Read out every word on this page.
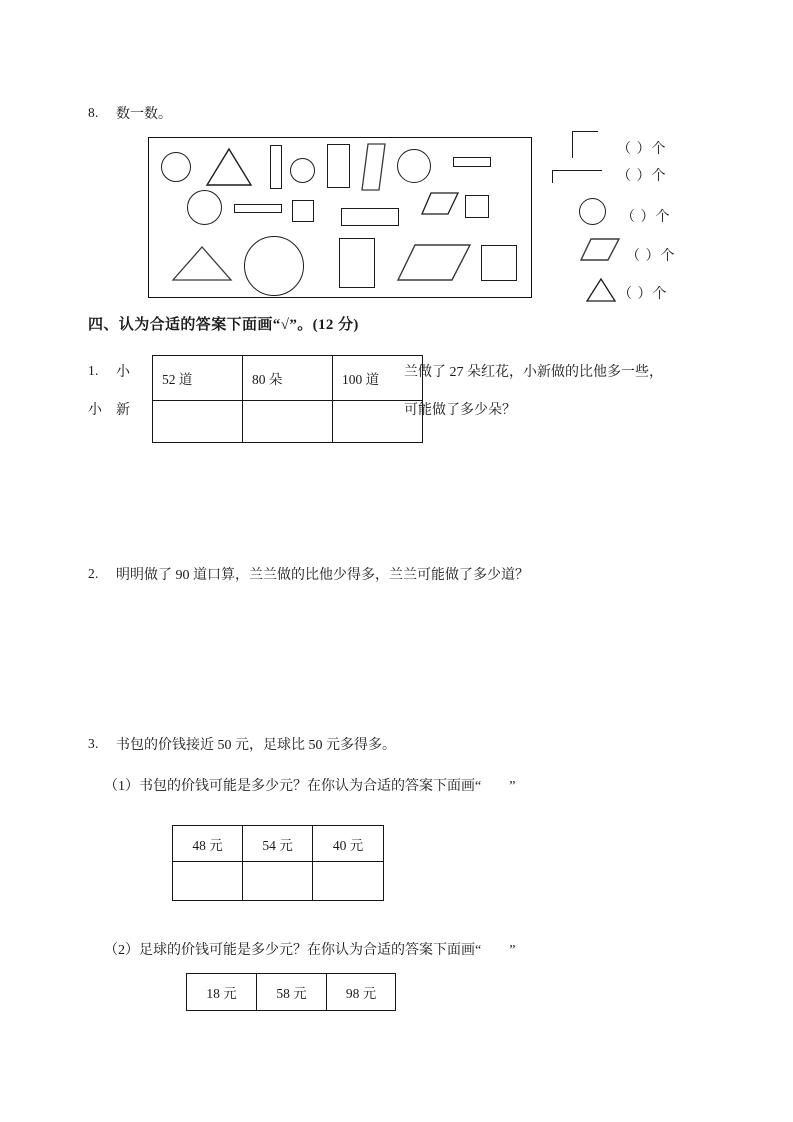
8. 数一数。
（ ）个
（ ）个
（ ）个
（ ）个
（ ）个
四、认为合适的答案下面画“√”。(12 分)
1. 小
小　新
52 道	80 朵	100 道
		兰做了 27 朵红花，小新做的比他多一些，
可能做了多少朵？
2. 明明做了 90 道口算，兰兰做的比他少得多，兰兰可能做了多少道？
3. 书包的价钱接近 50 元，足球比 50 元多得多。
（1）书包的价钱可能是多少元？在你认为合适的答案下面画“　　”
48 元	54 元	40 元

（2）足球的价钱可能是多少元？在你认为合适的答案下面画“　　”
18 元	58 元	98 元
